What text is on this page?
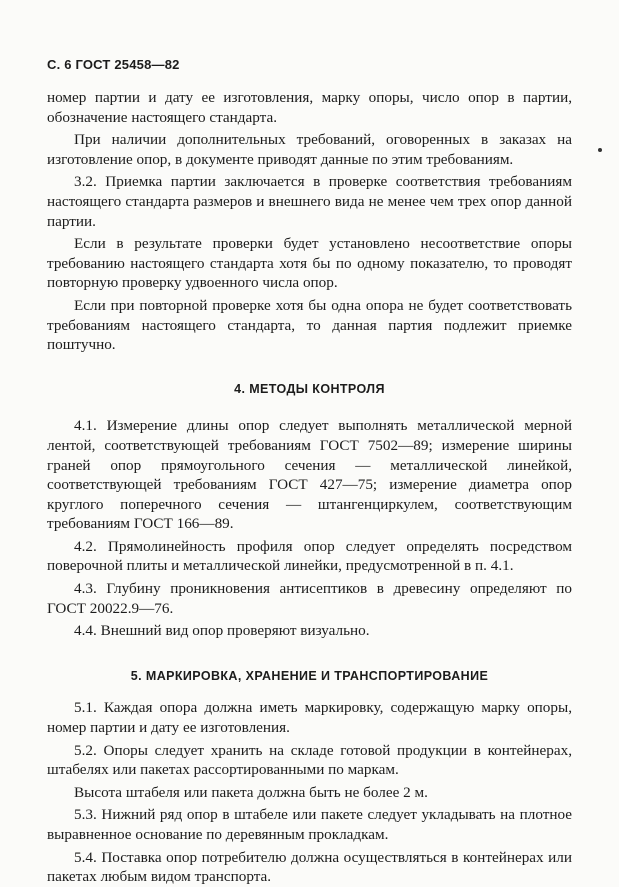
С. 6 ГОСТ 25458—82

номер партии и дату ее изготовления, марку опоры, число опор в партии, обозначение настоящего стандарта.

При наличии дополнительных требований, оговоренных в заказах на изготовление опор, в документе приводят данные по этим требованиям.

3.2. Приемка партии заключается в проверке соответствия требованиям настоящего стандарта размеров и внешнего вида не менее чем трех опор данной партии.

Если в результате проверки будет установлено несоответствие опоры требованию настоящего стандарта хотя бы по одному показателю, то проводят повторную проверку удвоенного числа опор.

Если при повторной проверке хотя бы одна опора не будет соответствовать требованиям настоящего стандарта, то данная партия подлежит приемке поштучно.

4. МЕТОДЫ КОНТРОЛЯ

4.1. Измерение длины опор следует выполнять металлической мерной лентой, соответствующей требованиям ГОСТ 7502—89; измерение ширины граней опор прямоугольного сечения — металлической линейкой, соответствующей требованиям ГОСТ 427—75; измерение диаметра опор круглого поперечного сечения — штангенциркулем, соответствующим требованиям ГОСТ 166—89.

4.2. Прямолинейность профиля опор следует определять посредством поверочной плиты и металлической линейки, предусмотренной в п. 4.1.

4.3. Глубину проникновения антисептиков в древесину определяют по ГОСТ 20022.9—76.

4.4. Внешний вид опор проверяют визуально.

5. МАРКИРОВКА, ХРАНЕНИЕ И ТРАНСПОРТИРОВАНИЕ

5.1. Каждая опора должна иметь маркировку, содержащую марку опоры, номер партии и дату ее изготовления.

5.2. Опоры следует хранить на складе готовой продукции в контейнерах, штабелях или пакетах рассортированными по маркам.

Высота штабеля или пакета должна быть не более 2 м.

5.3. Нижний ряд опор в штабеле или пакете следует укладывать на плотное выравненное основание по деревянным прокладкам.

5.4. Поставка опор потребителю должна осуществляться в контейнерах или пакетах любым видом транспорта.
